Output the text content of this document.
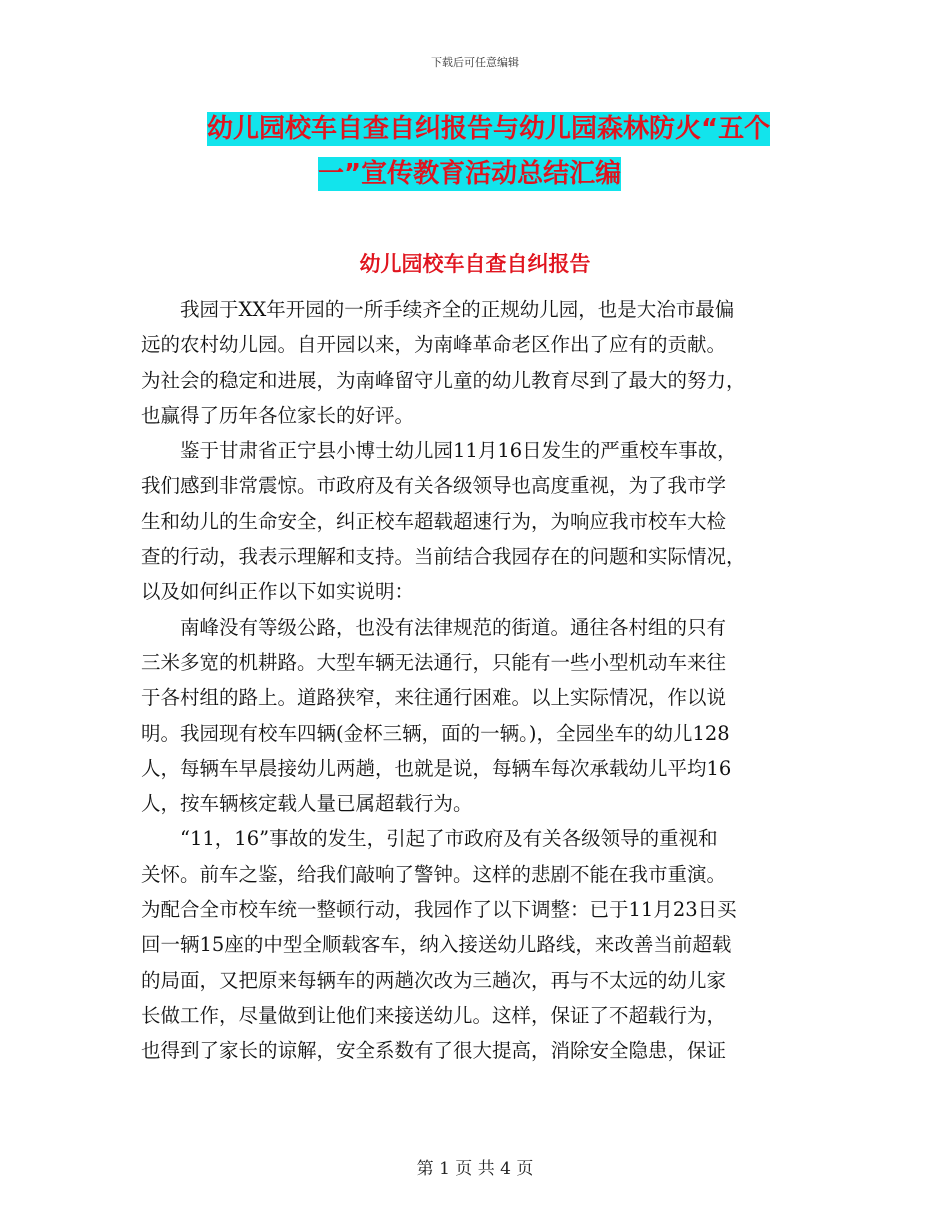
下载后可任意编辑
幼儿园校车自查自纠报告与幼儿园森林防火“五个
一”宣传教育活动总结汇编
幼儿园校车自查自纠报告

　　我园于XX年开园的一所手续齐全的正规幼儿园，也是大冶市最偏
远的农村幼儿园。自开园以来，为南峰革命老区作出了应有的贡献。
为社会的稳定和进展，为南峰留守儿童的幼儿教育尽到了最大的努力，
也赢得了历年各位家长的好评。

　　鉴于甘肃省正宁县小博士幼儿园11月16日发生的严重校车事故，
我们感到非常震惊。市政府及有关各级领导也高度重视，为了我市学
生和幼儿的生命安全，纠正校车超载超速行为，为响应我市校车大检
查的行动，我表示理解和支持。当前结合我园存在的问题和实际情况，
以及如何纠正作以下如实说明：

　　南峰没有等级公路，也没有法律规范的街道。通往各村组的只有
三米多宽的机耕路。大型车辆无法通行，只能有一些小型机动车来往
于各村组的路上。道路狭窄，来往通行困难。以上实际情况，作以说
明。我园现有校车四辆(金杯三辆，面的一辆。)，全园坐车的幼儿128
人，每辆车早晨接幼儿两趟，也就是说，每辆车每次承载幼儿平均16
人，按车辆核定载人量已属超载行为。

　　“11，16”事故的发生，引起了市政府及有关各级领导的重视和
关怀。前车之鉴，给我们敲响了警钟。这样的悲剧不能在我市重演。
为配合全市校车统一整顿行动，我园作了以下调整：已于11月23日买
回一辆15座的中型全顺载客车，纳入接送幼儿路线，来改善当前超载
的局面，又把原来每辆车的两趟次改为三趟次，再与不太远的幼儿家
长做工作，尽量做到让他们来接送幼儿。这样，保证了不超载行为，
也得到了家长的谅解，安全系数有了很大提高，消除安全隐患，保证

第 1 页 共 4 页
